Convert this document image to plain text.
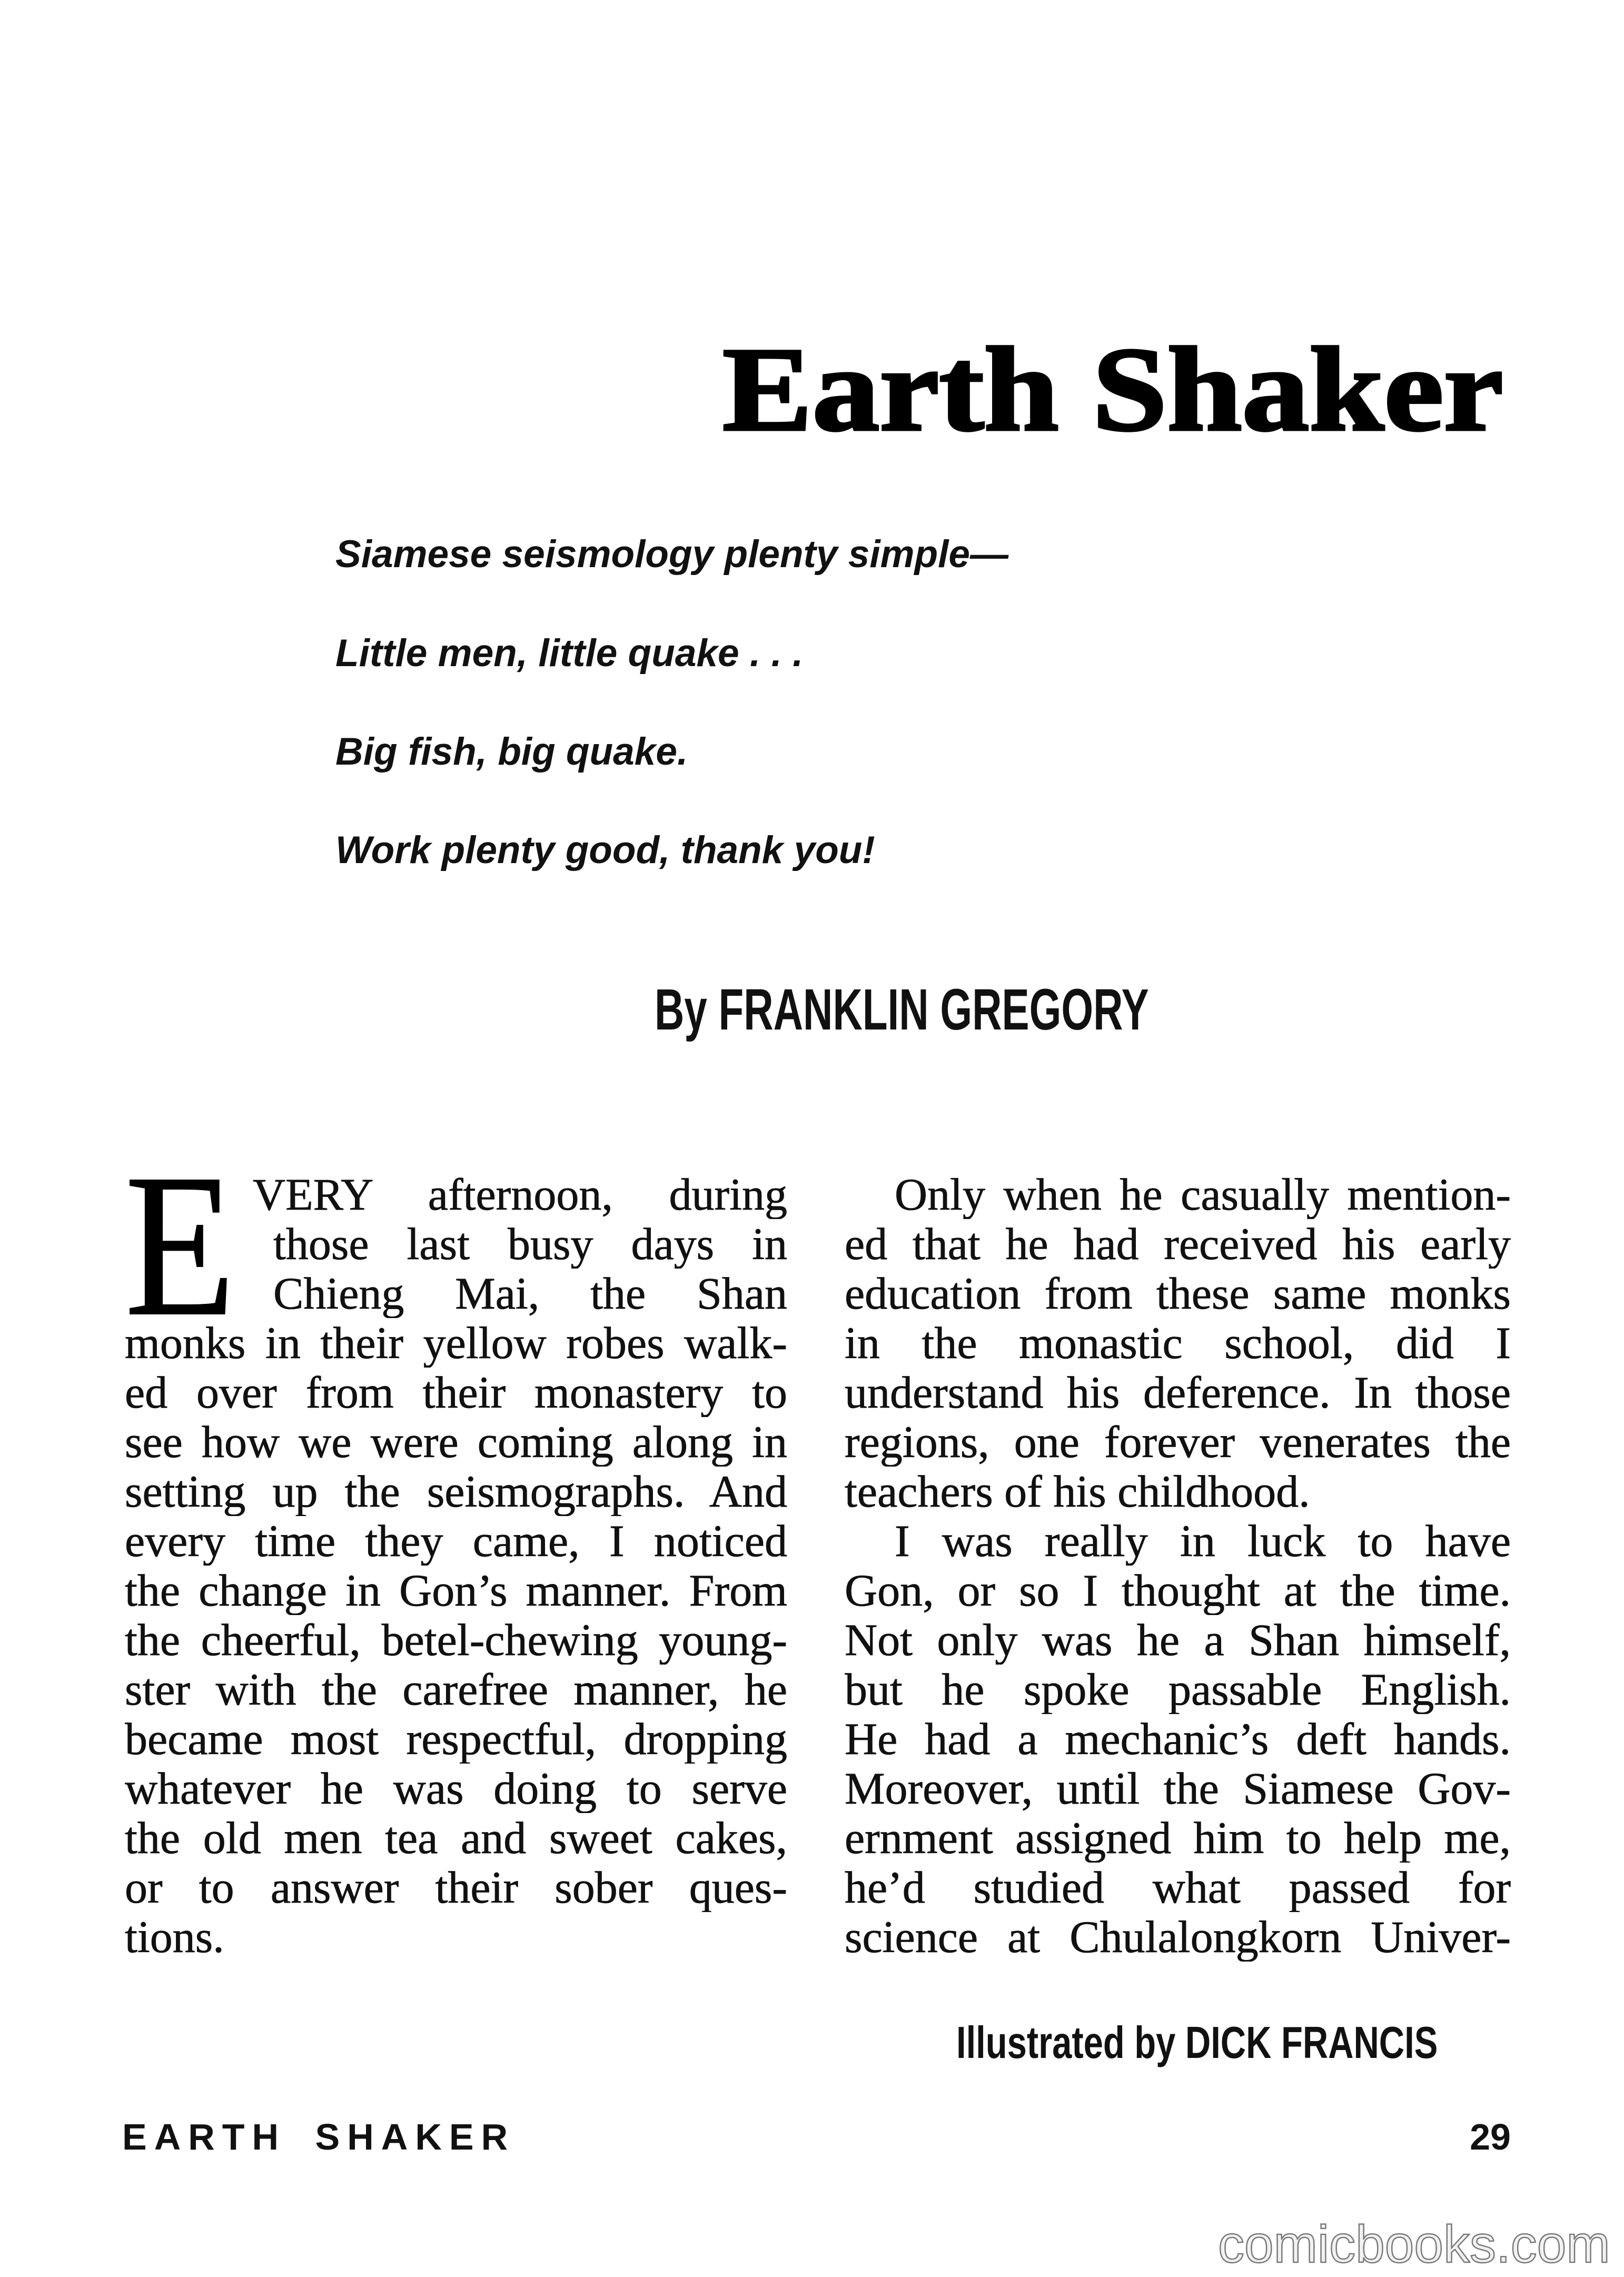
Earth Shaker
Siamese seismology plenty simple—
Little men, little quake . . .
Big fish, big quake.
Work plenty good, thank you!
By FRANKLIN GREGORY
E VERY afternoon, during
those last busy days in
Chieng Mai, the Shan
monks in their yellow robes walk-
ed over from their monastery to
see how we were coming along in
setting up the seismographs. And
every time they came, I noticed
the change in Gon’s manner. From
the cheerful, betel-chewing young-
ster with the carefree manner, he
became most respectful, dropping
whatever he was doing to serve
the old men tea and sweet cakes,
or to answer their sober ques-
tions.
Only when he casually mention-
ed that he had received his early
education from these same monks
in the monastic school, did I
understand his deference. In those
regions, one forever venerates the
teachers of his childhood.
I was really in luck to have
Gon, or so I thought at the time.
Not only was he a Shan himself,
but he spoke passable English.
He had a mechanic’s deft hands.
Moreover, until the Siamese Gov-
ernment assigned him to help me,
he’d studied what passed for
science at Chulalongkorn Univer-
Illustrated by DICK FRANCIS
EARTH SHAKER	29
comicbooks.com
